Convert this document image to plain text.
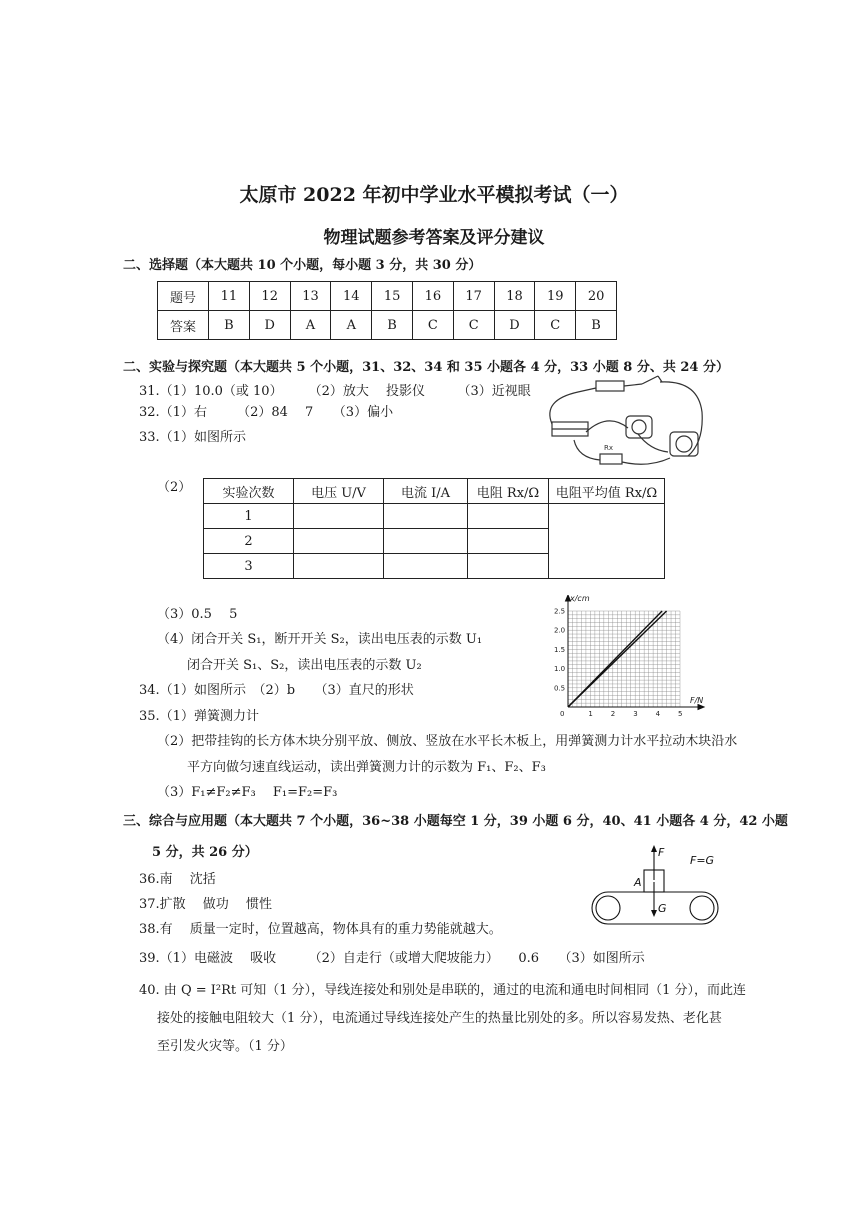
太原市 2022 年初中学业水平模拟考试（一）
物理试题参考答案及评分建议
二、选择题（本大题共 10 个小题，每小题 3 分，共 30 分）
题号	11	12	13	14	15	16	17	18	19	20
答案	B	D	A	A	B	C	C	D	C	B
二、实验与探究题（本大题共 5 个小题，31、32、34 和 35 小题各 4 分，33 小题 8 分、共 24 分）
31.（1）10.0（或 10）　　　（2）放大　 投影仪　　　（3）近视眼
32.（1）右　　 （2）84　 7　　（3）偏小
33.（1）如图所示
Rx
（2） 实验次数	电压 U/V	电流 I/A	电阻 Rx/Ω	电阻平均值 Rx/Ω
1				
2				
3				
（3）0.5　 5
（4）闭合开关 S₁，断开开关 S₂，读出电压表的示数 U₁
闭合开关 S₁、S₂，读出电压表的示数 U₂
34.（1）如图所示　（2）b　　（3）直尺的形状
35.（1）弹簧测力计
（2）把带挂钩的长方体木块分别平放、侧放、竖放在水平长木板上，用弹簧测力计水平拉动木块沿水
平方向做匀速直线运动，读出弹簧测力计的示数为 F₁、F₂、F₃
（3）F₁≠F₂≠F₃　 F₁=F₂=F₃
0.5
1.0
1.5
2.0
2.5
1	2	3	4	5
0
x/cm
F/N
三、综合与应用题（本大题共 7 个小题，36~38 小题每空 1 分，39 小题 6 分，40、41 小题各 4 分，42 小题
5 分，共 26 分）
36.南　 沈括
37.扩散　 做功　 惯性
38.有　 质量一定时，位置越高，物体具有的重力势能就越大。
39.（1）电磁波　 吸收　　　（2）自走行（或增大爬坡能力）　　0.6　　（3）如图所示
40. 由 Q = I²Rt 可知（1 分），导线连接处和别处是串联的，通过的电流和通电时间相同（1 分），而此连
接处的接触电阻较大（1 分），电流通过导线连接处产生的热量比别处的多。所以容易发热、老化甚
至引发火灾等。（1 分）
F
G
A
F=G
